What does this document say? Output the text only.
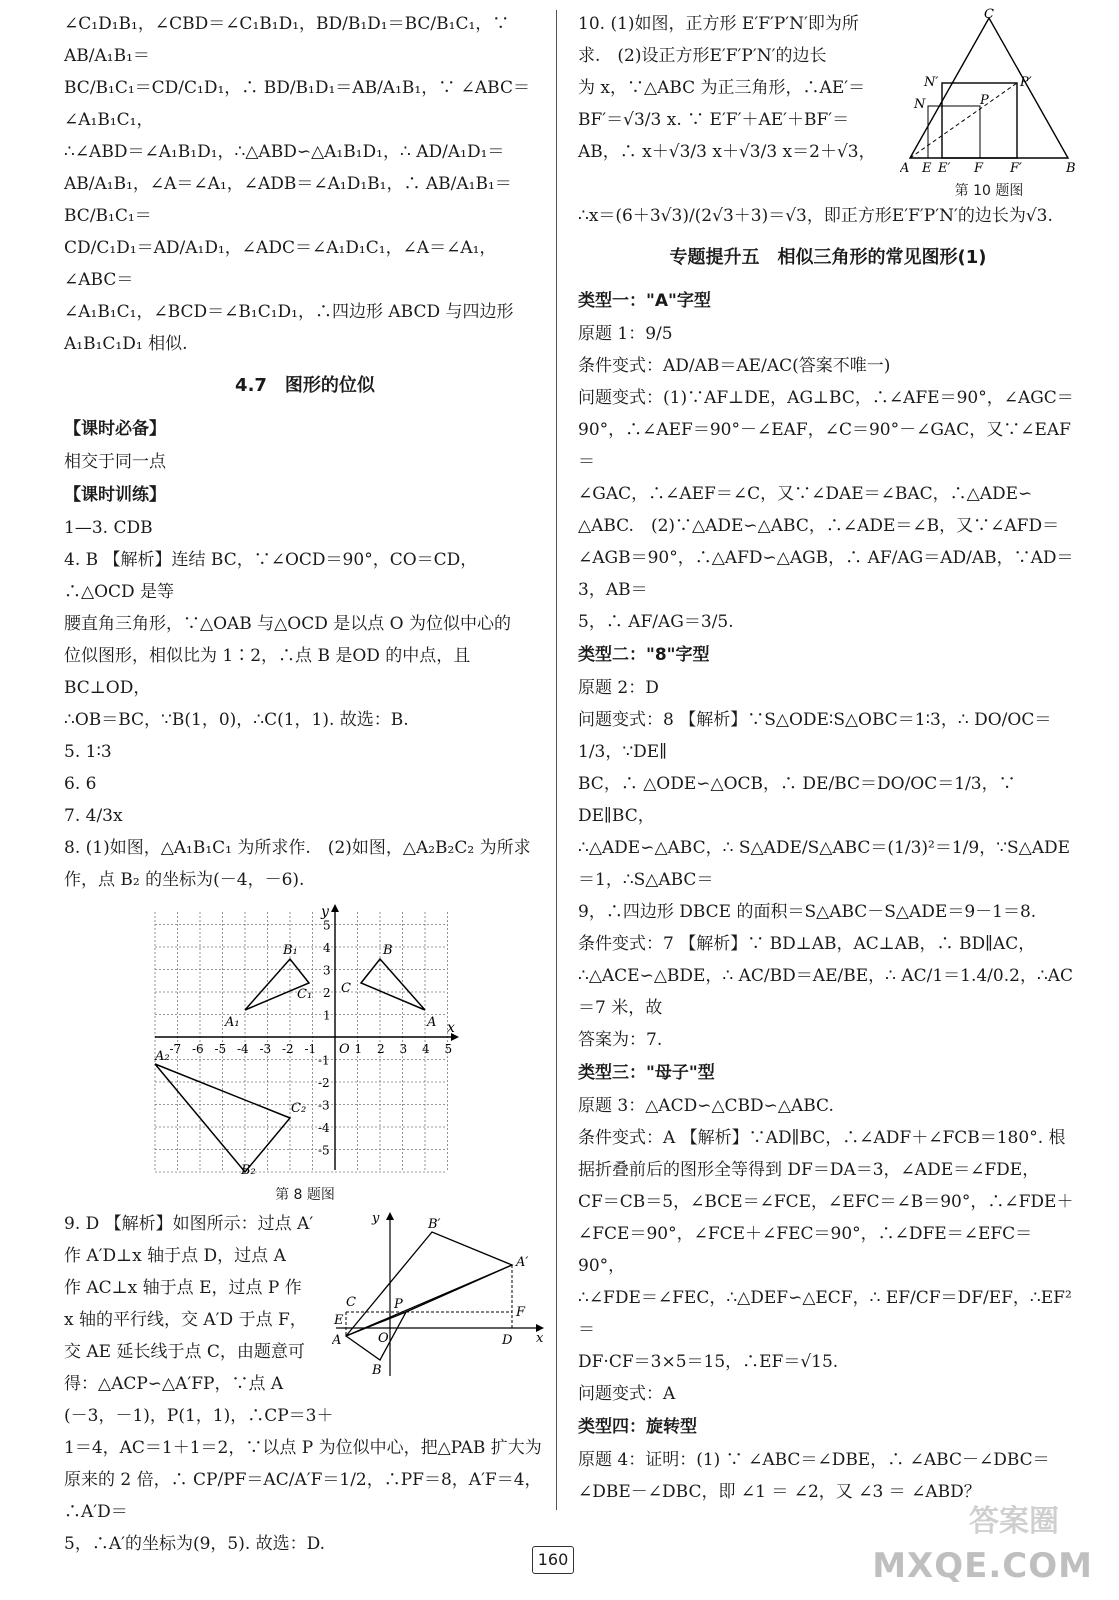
∠C₁D₁B₁，∠CBD＝∠C₁B₁D₁，BD/B₁D₁＝BC/B₁C₁，∵ AB/A₁B₁＝

BC/B₁C₁＝CD/C₁D₁，∴ BD/B₁D₁＝AB/A₁B₁，∵ ∠ABC＝∠A₁B₁C₁，

∴∠ABD＝∠A₁B₁D₁，∴△ABD∽△A₁B₁D₁，∴ AD/A₁D₁＝

AB/A₁B₁，∠A＝∠A₁，∠ADB＝∠A₁D₁B₁，∴ AB/A₁B₁＝BC/B₁C₁＝

CD/C₁D₁＝AD/A₁D₁，∠ADC＝∠A₁D₁C₁，∠A＝∠A₁，∠ABC＝

∠A₁B₁C₁，∠BCD＝∠B₁C₁D₁，∴四边形 ABCD 与四边形

A₁B₁C₁D₁ 相似.

4.7　图形的位似

【课时必备】

相交于同一点

【课时训练】

1—3. CDB

4. B 【解析】连结 BC，∵∠OCD＝90°，CO＝CD，∴△OCD 是等

腰直角三角形，∵△OAB 与△OCD 是以点 O 为位似中心的

位似图形，相似比为 1∶2，∴点 B 是OD 的中点，且 BC⊥OD，

∴OB＝BC，∵B(1，0)，∴C(1，1). 故选：B.

5. 1∶3

6. 6

7. 4/3x

8. (1)如图，△A₁B₁C₁ 为所求作.　(2)如图，△A₂B₂C₂ 为所求

作，点 B₂ 的坐标为(－4，－6).

x
y
O
-7 -6 -5 -4 -3 -2 -1	1 2 3 4 5
5
4
3
2
1
-1
-2
-3
-4
-5
A₁
B₁
C₁
A
B
C
A₂
B₂
C₂
第 8 题图
y
x
B′
A′
C	P
E
F
A	O	D
B

9. D 【解析】如图所示：过点 A′

作 A′D⊥x 轴于点 D，过点 A

作 AC⊥x 轴于点 E，过点 P 作

x 轴的平行线，交 A′D 于点 F，

交 AE 延长线于点 C，由题意可

得：△ACP∽△A′FP，∵点 A

(－3，－1)，P(1，1)，∴CP＝3＋

1＝4，AC＝1＋1＝2，∵以点 P 为位似中心，把△PAB 扩大为

原来的 2 倍，∴ CP/PF＝AC/A′F＝1/2，∴PF＝8，A′F＝4，∴A′D＝

5，∴A′的坐标为(9，5). 故选：D.

C
N′	P′
N	P
A E E′ F F′	B
第 10 题图

10. (1)如图，正方形 E′F′P′N′即为所

求.　(2)设正方形E′F′P′N′的边长

为 x，∵△ABC 为正三角形，∴AE′＝

BF′＝√3/3 x. ∵ E′F′＋AE′＋BF′＝

AB，∴ x＋√3/3 x＋√3/3 x＝2＋√3，

∴x＝(6＋3√3)/(2√3＋3)＝√3，即正方形E′F′P′N′的边长为√3.

专题提升五　相似三角形的常见图形(1)

类型一："A"字型

原题 1：9/5

条件变式：AD/AB＝AE/AC(答案不唯一)

问题变式：(1)∵AF⊥DE，AG⊥BC，∴∠AFE＝90°，∠AGC＝

90°，∴∠AEF＝90°－∠EAF，∠C＝90°－∠GAC，又∵∠EAF＝

∠GAC，∴∠AEF＝∠C，又∵∠DAE＝∠BAC，∴△ADE∽

△ABC.　(2)∵△ADE∽△ABC，∴∠ADE＝∠B，又∵∠AFD＝

∠AGB＝90°，∴△AFD∽△AGB，∴ AF/AG＝AD/AB，∵AD＝3，AB＝

5，∴ AF/AG＝3/5.

类型二："8"字型

原题 2：D

问题变式：8 【解析】∵S△ODE∶S△OBC＝1∶3，∴ DO/OC＝1/3，∵DE∥

BC，∴ △ODE∽△OCB，∴ DE/BC＝DO/OC＝1/3，∵ DE∥BC，

∴△ADE∽△ABC，∴ S△ADE/S△ABC＝(1/3)²＝1/9，∵S△ADE＝1，∴S△ABC＝

9，∴四边形 DBCE 的面积＝S△ABC－S△ADE＝9－1＝8.

条件变式：7 【解析】∵ BD⊥AB，AC⊥AB，∴ BD∥AC，

∴△ACE∽△BDE，∴ AC/BD＝AE/BE，∴ AC/1＝1.4/0.2，∴AC＝7 米，故

答案为：7.

类型三："母子"型

原题 3：△ACD∽△CBD∽△ABC.

条件变式：A 【解析】∵AD∥BC，∴∠ADF＋∠FCB＝180°. 根

据折叠前后的图形全等得到 DF＝DA＝3，∠ADE＝∠FDE，

CF＝CB＝5，∠BCE＝∠FCE，∠EFC＝∠B＝90°，∴∠FDE＋

∠FCE＝90°，∠FCE＋∠FEC＝90°，∴∠DFE＝∠EFC＝90°，

∴∠FDE＝∠FEC，∴△DEF∽△ECF，∴ EF/CF＝DF/EF，∴EF²＝

DF·CF＝3×5＝15，∴EF＝√15.

问题变式：A

类型四：旋转型

原题 4：证明：(1) ∵ ∠ABC＝∠DBE，∴ ∠ABC－∠DBC＝

∠DBE－∠DBC，即 ∠1 ＝ ∠2，又 ∠3 ＝ ∠ABD？

160
答案圈
MXQE.COM
